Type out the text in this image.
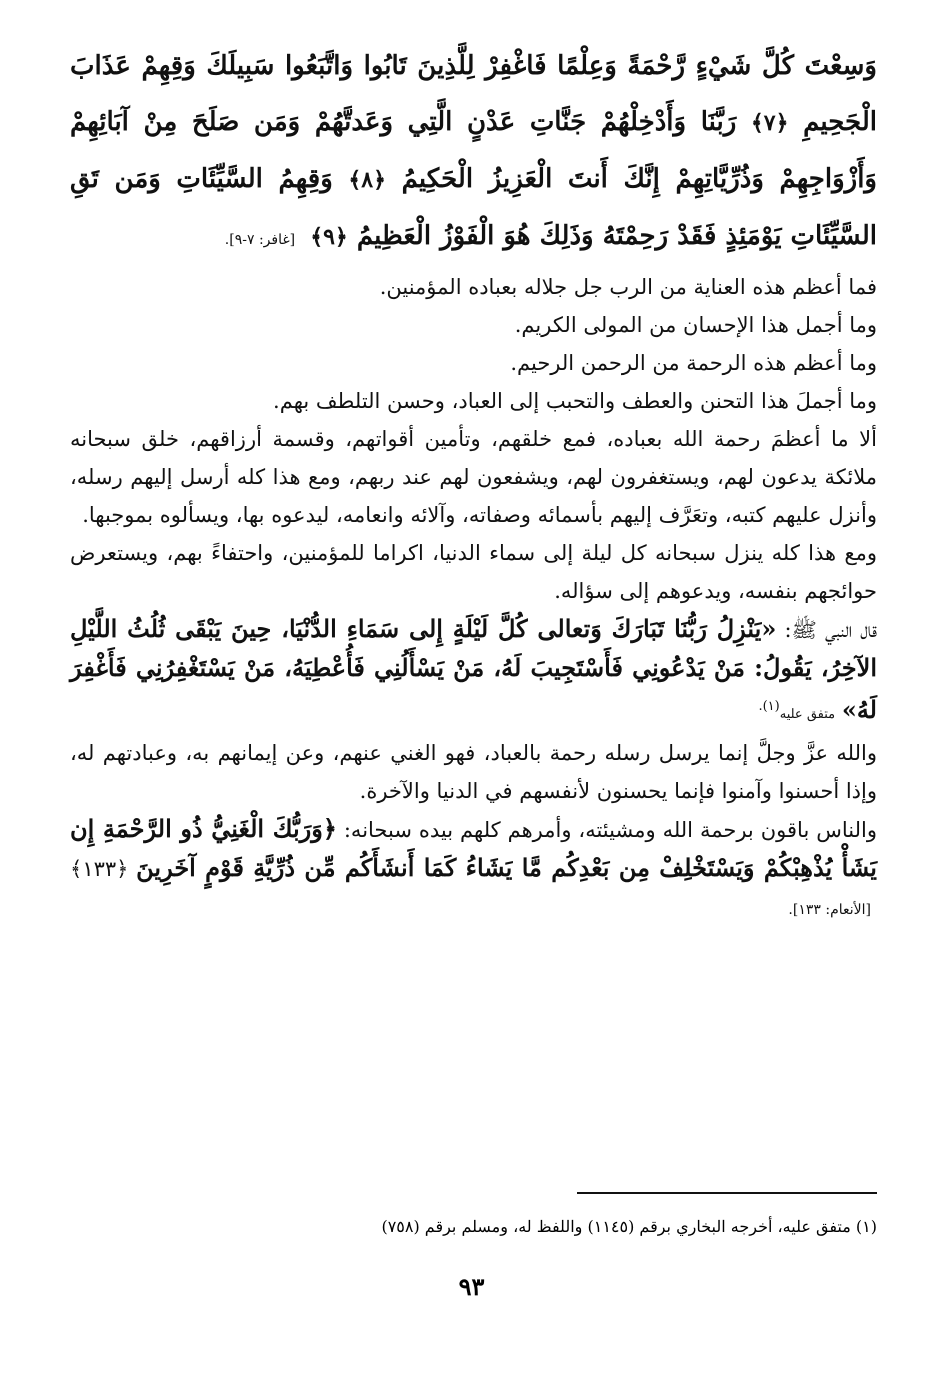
وَسِعْتَ كُلَّ شَيْءٍ رَّحْمَةً وَعِلْمًا فَاغْفِرْ لِلَّذِينَ تَابُوا وَاتَّبَعُوا سَبِيلَكَ وَقِهِمْ عَذَابَ الْجَحِيمِ ﴿٧﴾ رَبَّنَا وَأَدْخِلْهُمْ جَنَّاتِ عَدْنٍ الَّتِي وَعَدتَّهُمْ وَمَن صَلَحَ مِنْ آبَائِهِمْ وَأَزْوَاجِهِمْ وَذُرِّيَّاتِهِمْ إِنَّكَ أَنتَ الْعَزِيزُ الْحَكِيمُ ﴿٨﴾ وَقِهِمُ السَّيِّئَاتِ وَمَن تَقِ السَّيِّئَاتِ يَوْمَئِذٍ فَقَدْ رَحِمْتَهُ وَذَلِكَ هُوَ الْفَوْزُ الْعَظِيمُ ﴿٩﴾ [غافر: ٧-٩].

فما أعظم هذه العناية من الرب جل جلاله بعباده المؤمنين.

وما أجمل هذا الإحسان من المولى الكريم.

وما أعظم هذه الرحمة من الرحمن الرحيم.

وما أجملَ هذا التحنن والعطف والتحبب إلى العباد، وحسن التلطف بهم.

ألا ما أعظمَ رحمة الله بعباده، فمع خلقهم، وتأمين أقواتهم، وقسمة أرزاقهم، خلق سبحانه ملائكة يدعون لهم، ويستغفرون لهم، ويشفعون لهم عند ربهم، ومع هذا كله أرسل إليهم رسله، وأنزل عليهم كتبه، وتعَرَّف إليهم بأسمائه وصفاته، وآلائه وانعامه، ليدعوه بها، ويسألوه بموجبها.

ومع هذا كله ينزل سبحانه كل ليلة إلى سماء الدنيا، اكراما للمؤمنين، واحتفاءً بهم، ويستعرض حوائجهم بنفسه، ويدعوهم إلى سؤاله.

قال النبي ﷺ: «يَنْزِلُ رَبُّنَا تَبَارَكَ وَتعالى كُلَّ لَيْلَةٍ إِلى سَمَاءِ الدُّنْيَا، حِينَ يَبْقَى ثُلُثُ اللَّيْلِ الآخِرُ، يَقُولُ: مَنْ يَدْعُونِي فَأَسْتَجِيبَ لَهُ، مَنْ يَسْأَلُنِي فَأُعْطِيَهُ، مَنْ يَسْتَغْفِرُنِي فَأَغْفِرَ لَهُ» متفق عليه$^{(١).}$

والله عزَّ وجلَّ إنما يرسل رسله رحمة بالعباد، فهو الغني عنهم، وعن إيمانهم به، وعبادتهم له، وإذا أحسنوا وآمنوا فإنما يحسنون لأنفسهم في الدنيا والآخرة.

والناس باقون برحمة الله ومشيئته، وأمرهم كلهم بيده سبحانه: ﴿وَرَبُّكَ الْغَنِيُّ ذُو الرَّحْمَةِ إِن يَشَأْ يُذْهِبْكُمْ وَيَسْتَخْلِفْ مِن بَعْدِكُم مَّا يَشَاءُ كَمَا أَنشَأَكُم مِّن ذُرِّيَّةِ قَوْمٍ آخَرِينَ ﴿١٣٣﴾ [الأنعام: ١٣٣].

(١) متفق عليه، أخرجه البخاري برقم (١١٤٥) واللفظ له، ومسلم برقم (٧٥٨)
٩٣
